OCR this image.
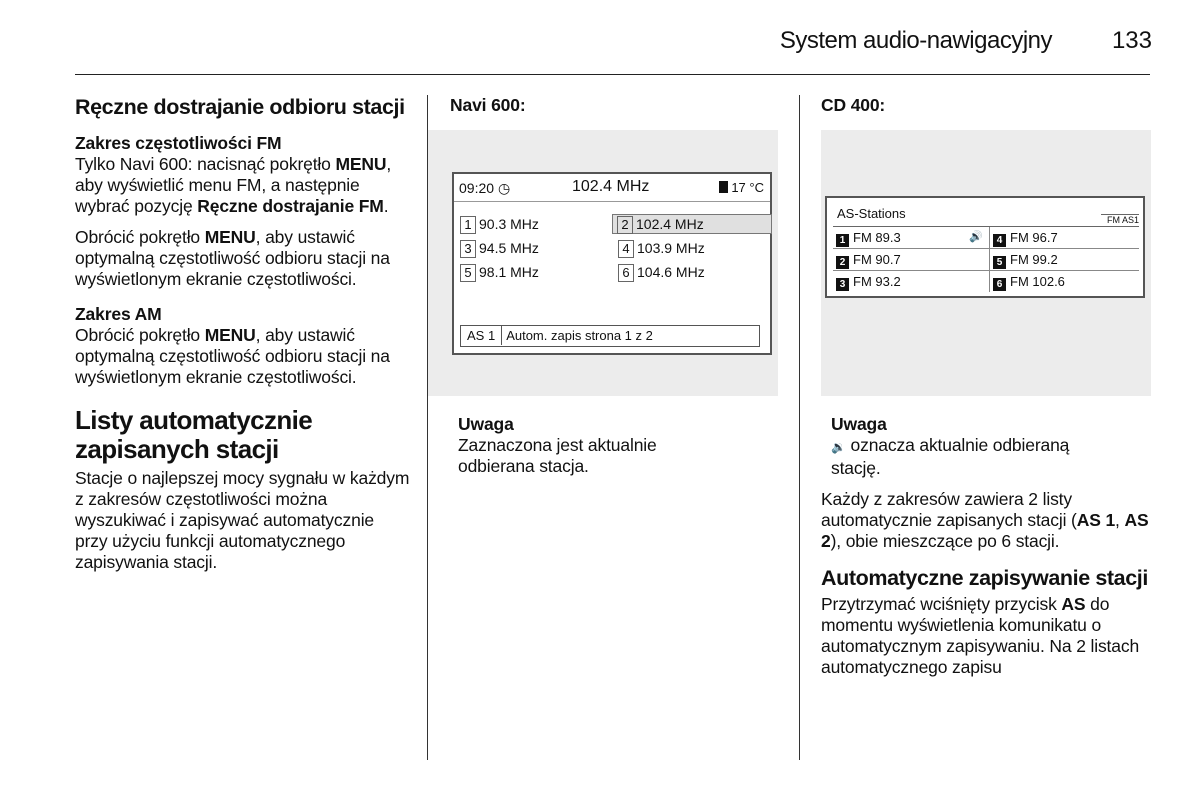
System audio-nawigacyjny 133
Ręczne dostrajanie odbioru stacji
Zakres częstotliwości FM

Tylko Navi 600: nacisnąć pokrętło MENU, aby wyświetlić menu FM, a następnie wybrać pozycję Ręczne dostrajanie FM.

Obrócić pokrętło MENU, aby ustawić optymalną częstotliwość odbioru stacji na wyświetlonym ekranie częstotliwości.

Zakres AM

Obrócić pokrętło MENU, aby ustawić optymalną częstotliwość odbioru stacji na wyświetlonym ekranie częstotliwości.

Listy automatycznie zapisanych stacji

Stacje o najlepszej mocy sygnału w każdym z zakresów częstotliwości można wyszukiwać i zapisywać automatycznie przy użyciu funkcji automatycznego zapisywania stacji.

Navi 600:
09:20 ◷	102.4 MHz	17 °C
1 90.3 MHz	2 102.4 MHz
3 94.5 MHz	4 103.9 MHz
5 98.1 MHz	6 104.6 MHz
AS 1 Autom. zapis strona 1 z 2
Uwaga

Zaznaczona jest aktualnie odbierana stacja.

CD 400:
AS-Stations	FM AS1
1 FM 89.3	🔊	4 FM 96.7
2 FM 90.7	5 FM 99.2
3 FM 93.2	6 FM 102.6
Uwaga

🔉 oznacza aktualnie odbieraną stację.

Każdy z zakresów zawiera 2 listy automatycznie zapisanych stacji (AS 1, AS 2), obie mieszczące po 6 stacji.

Automatyczne zapisywanie stacji

Przytrzymać wciśnięty przycisk AS do momentu wyświetlenia komunikatu o automatycznym zapisywaniu. Na 2 listach automatycznego zapisu
